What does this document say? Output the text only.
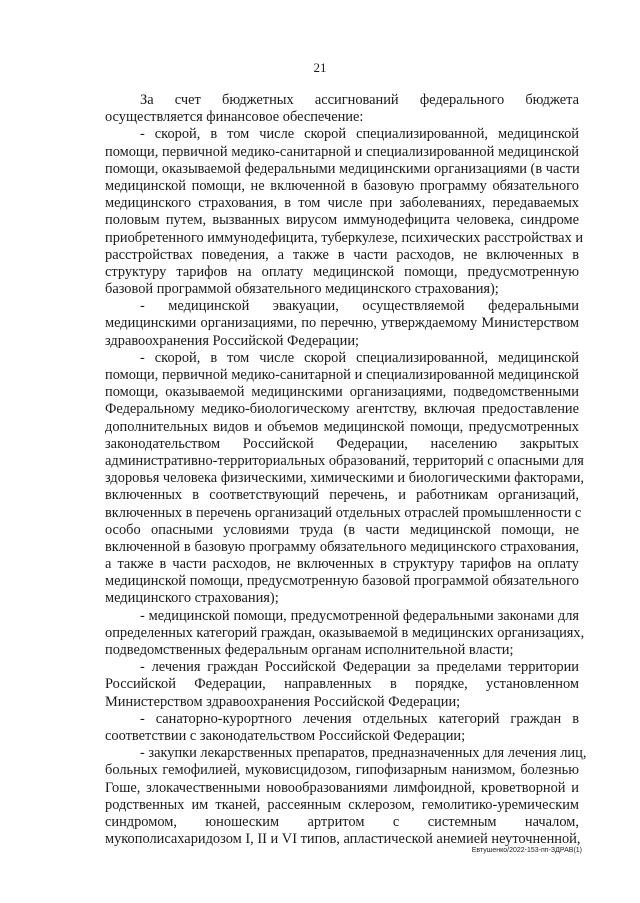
21
За счет бюджетных ассигнований федерального бюджета
осуществляется финансовое обеспечение:
- скорой, в том числе скорой специализированной, медицинской
помощи, первичной медико-санитарной и специализированной медицинской
помощи, оказываемой федеральными медицинскими организациями (в части
медицинской помощи, не включенной в базовую программу обязательного
медицинского страхования, в том числе при заболеваниях, передаваемых
половым путем, вызванных вирусом иммунодефицита человека, синдроме
приобретенного иммунодефицита, туберкулезе, психических расстройствах и
расстройствах поведения, а также в части расходов, не включенных в
структуру тарифов на оплату медицинской помощи, предусмотренную
базовой программой обязательного медицинского страхования);
- медицинской эвакуации, осуществляемой федеральными
медицинскими организациями, по перечню, утверждаемому Министерством
здравоохранения Российской Федерации;
- скорой, в том числе скорой специализированной, медицинской
помощи, первичной медико-санитарной и специализированной медицинской
помощи, оказываемой медицинскими организациями, подведомственными
Федеральному медико-биологическому агентству, включая предоставление
дополнительных видов и объемов медицинской помощи, предусмотренных
законодательством Российской Федерации, населению закрытых
административно-территориальных образований, территорий с опасными для
здоровья человека физическими, химическими и биологическими факторами,
включенных в соответствующий перечень, и работникам организаций,
включенных в перечень организаций отдельных отраслей промышленности с
особо опасными условиями труда (в части медицинской помощи, не
включенной в базовую программу обязательного медицинского страхования,
а также в части расходов, не включенных в структуру тарифов на оплату
медицинской помощи, предусмотренную базовой программой обязательного
медицинского страхования);
- медицинской помощи, предусмотренной федеральными законами для
определенных категорий граждан, оказываемой в медицинских организациях,
подведомственных федеральным органам исполнительной власти;
- лечения граждан Российской Федерации за пределами территории
Российской Федерации, направленных в порядке, установленном
Министерством здравоохранения Российской Федерации;
- санаторно-курортного лечения отдельных категорий граждан в
соответствии с законодательством Российской Федерации;
- закупки лекарственных препаратов, предназначенных для лечения лиц,
больных гемофилией, муковисцидозом, гипофизарным нанизмом, болезнью
Гоше, злокачественными новообразованиями лимфоидной, кроветворной и
родственных им тканей, рассеянным склерозом, гемолитико-уремическим
синдромом, юношеским артритом с системным началом,
мукополисахаридозом I, II и VI типов, апластической анемией неуточненной,
Евтушенко/2022-153-пп-ЗДРАВ(1)
